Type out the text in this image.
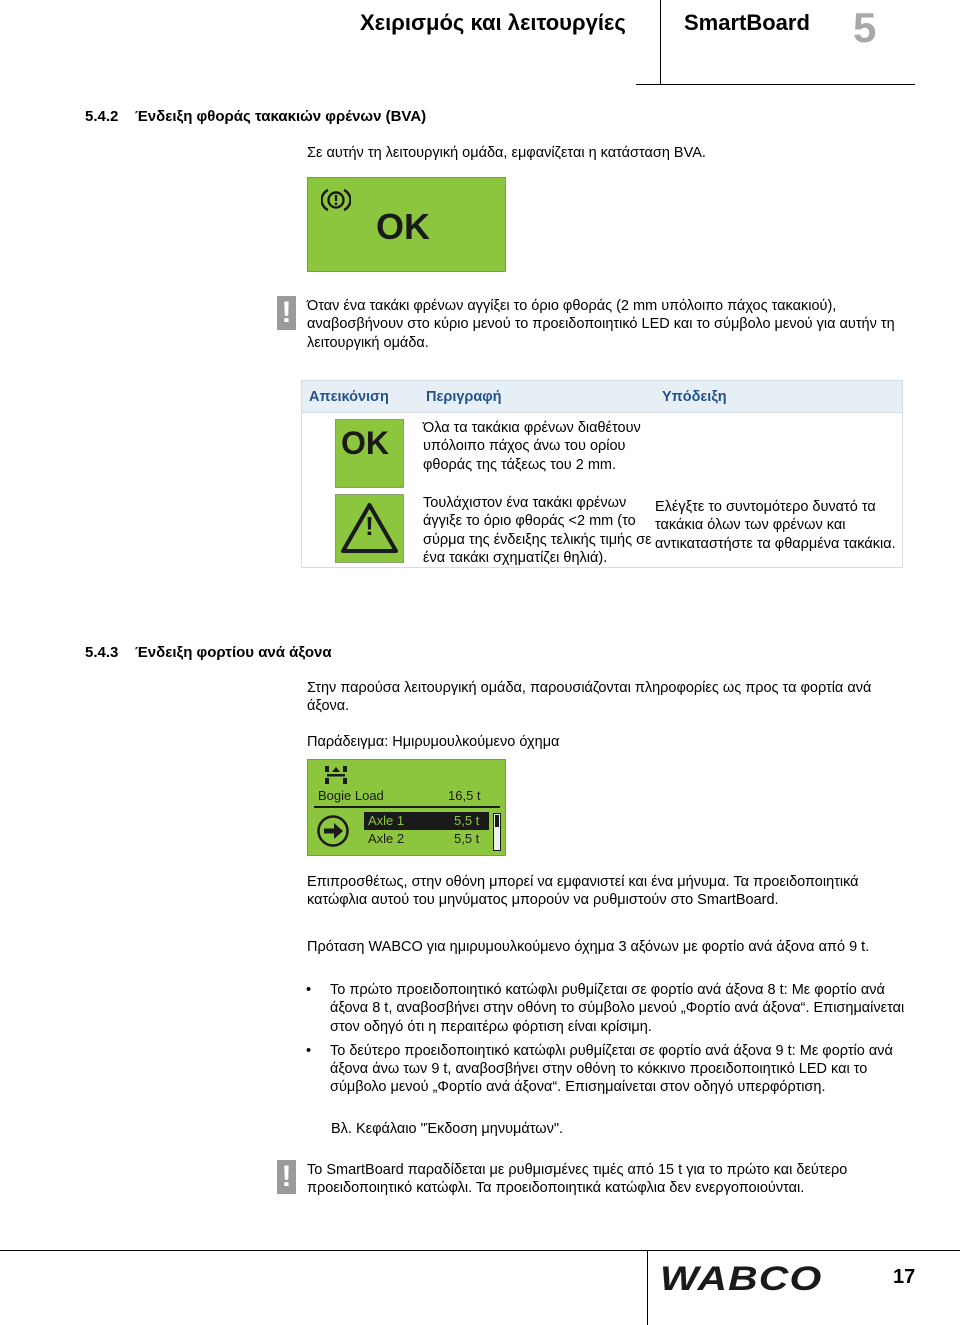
Χειρισμός και λειτουργίες	SmartBoard 5
5.4.2 Ένδειξη φθοράς τακακιών φρένων (BVA)
Σε αυτήν τη λειτουργική ομάδα, εμφανίζεται η κατάσταση BVA.
OK
!	Όταν ένα τακάκι φρένων αγγίξει το όριο φθοράς (2 mm υπόλοιπο πάχος τακακιού), αναβοσβήνουν στο κύριο μενού το προειδοποιητικό LED και το σύμβολο μενού για αυτήν τη λειτουργική ομάδα.
Απεικόνιση	Περιγραφή	Υπόδειξη

OK	Όλα τα τακάκια φρένων διαθέτουν υπόλοιπο πάχος άνω του ορίου φθοράς της τάξεως του 2 mm.	

!	Τουλάχιστον ένα τακάκι φρένων άγγιξε το όριο φθοράς <2 mm (το σύρμα της ένδειξης τελικής τιμής σε ένα τακάκι σχηματίζει θηλιά).	Ελέγξτε το συντομότερο δυνατό τα τακάκια όλων των φρένων και αντικαταστήστε τα φθαρμένα τακάκια.
5.4.3 Ένδειξη φορτίου ανά άξονα
Στην παρούσα λειτουργική ομάδα, παρουσιάζονται πληροφορίες ως προς τα φορτία ανά άξονα.
Παράδειγμα: Ημιρυμουλκούμενο όχημα
Bogie Load	16,5 t
Axle 1	5,5 t
Axle 2	5,5 t
Επιπροσθέτως, στην οθόνη μπορεί να εμφανιστεί και ένα μήνυμα. Τα προειδοποιητικά κατώφλια αυτού του μηνύματος μπορούν να ρυθμιστούν στο SmartBoard.
Πρόταση WABCO για ημιρυμουλκούμενο όχημα 3 αξόνων με φορτίο ανά άξονα από 9 t.
• Το πρώτο προειδοποιητικό κατώφλι ρυθμίζεται σε φορτίο ανά άξονα 8 t: Με φορτίο ανά άξονα 8 t, αναβοσβήνει στην οθόνη το σύμβολο μενού „Φορτίο ανά άξονα“. Επισημαίνεται στον οδηγό ότι η περαιτέρω φόρτιση είναι κρίσιμη.
• Το δεύτερο προειδοποιητικό κατώφλι ρυθμίζεται σε φορτίο ανά άξονα 9 t: Με φορτίο ανά άξονα άνω των 9 t, αναβοσβήνει στην οθόνη το κόκκινο προειδοποιητικό LED και το σύμβολο μενού „Φορτίο ανά άξονα“. Επισημαίνεται στον οδηγό υπερφόρτιση.
Βλ. Κεφάλαιο "Έκδοση μηνυμάτων".
!	Το SmartBoard παραδίδεται με ρυθμισμένες τιμές από 15 t για το πρώτο και δεύτερο προειδοποιητικό κατώφλι. Τα προειδοποιητικά κατώφλια δεν ενεργοποιούνται.
WABCO	17
